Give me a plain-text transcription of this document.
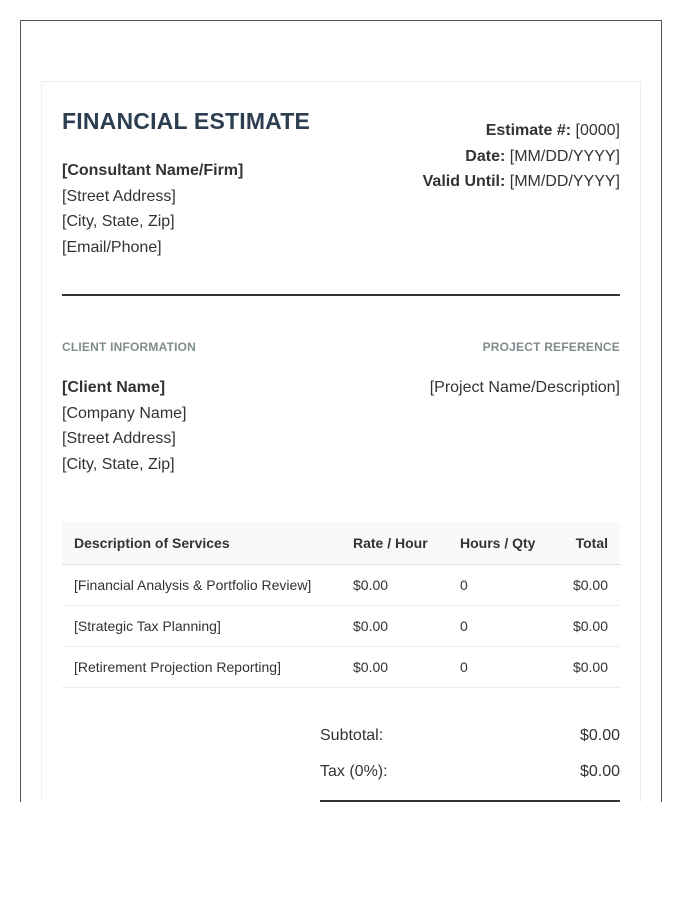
FINANCIAL ESTIMATE
[Consultant Name/Firm]
[Street Address]
[City, State, Zip]
[Email/Phone]
Estimate #: [0000]
Date: [MM/DD/YYYY]
Valid Until: [MM/DD/YYYY]
CLIENT INFORMATION	PROJECT REFERENCE
[Client Name]
[Company Name]
[Street Address]
[City, State, Zip]
[Project Name/Description]
Description of Services	Rate / Hour	Hours / Qty	Total
[Financial Analysis & Portfolio Review]	$0.00	0	$0.00
[Strategic Tax Planning]	$0.00	0	$0.00
[Retirement Projection Reporting]	$0.00	0	$0.00
Subtotal:	$0.00
Tax (0%):	$0.00
